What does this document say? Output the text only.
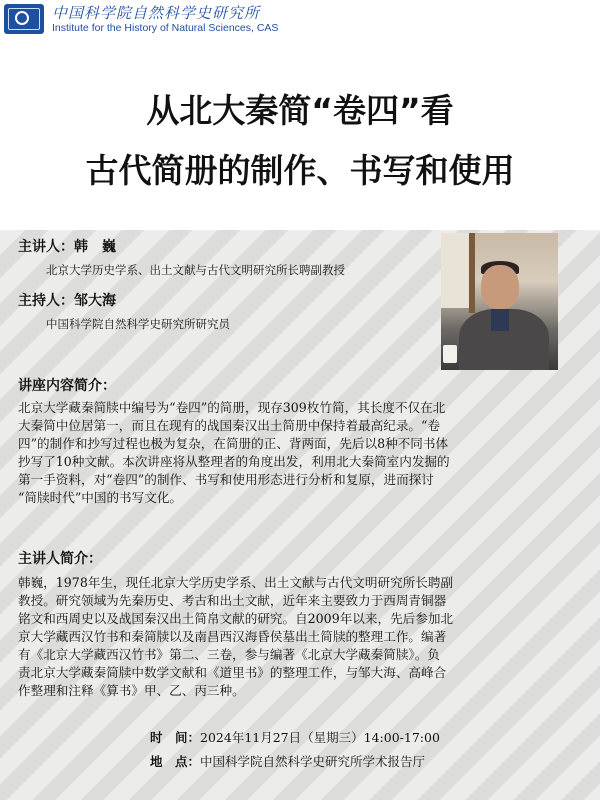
中国科学院自然科学史研究所
Institute for the History of Natural Sciences, CAS
从北大秦简“卷四”看
古代简册的制作、书写和使用
主讲人：韩　巍
北京大学历史学系、出土文献与古代文明研究所长聘副教授
主持人：邹大海
中国科学院自然科学史研究所研究员
讲座内容简介：
北京大学藏秦简牍中编号为“卷四”的简册，现存309枚竹简，其长度不仅在北
大秦简中位居第一，而且在现有的战国秦汉出土简册中保持着最高纪录。“卷
四”的制作和抄写过程也极为复杂，在简册的正、背两面，先后以8种不同书体
抄写了10种文献。本次讲座将从整理者的角度出发，利用北大秦简室内发掘的
第一手资料，对“卷四”的制作、书写和使用形态进行分析和复原，进而探讨
“简牍时代”中国的书写文化。
主讲人简介：
韩巍，1978年生，现任北京大学历史学系、出土文献与古代文明研究所长聘副
教授。研究领域为先秦历史、考古和出土文献，近年来主要致力于西周青铜器
铭文和西周史以及战国秦汉出土简帛文献的研究。自2009年以来，先后参加北
京大学藏西汉竹书和秦简牍以及南昌西汉海昏侯墓出土简牍的整理工作。编著
有《北京大学藏西汉竹书》第二、三卷，参与编著《北京大学藏秦简牍》。负
责北京大学藏秦简牍中数学文献和《道里书》的整理工作，与邹大海、高峰合
作整理和注释《算书》甲、乙、丙三种。
时　间：2024年11月27日（星期三）14:00-17:00
地　点：中国科学院自然科学史研究所学术报告厅
